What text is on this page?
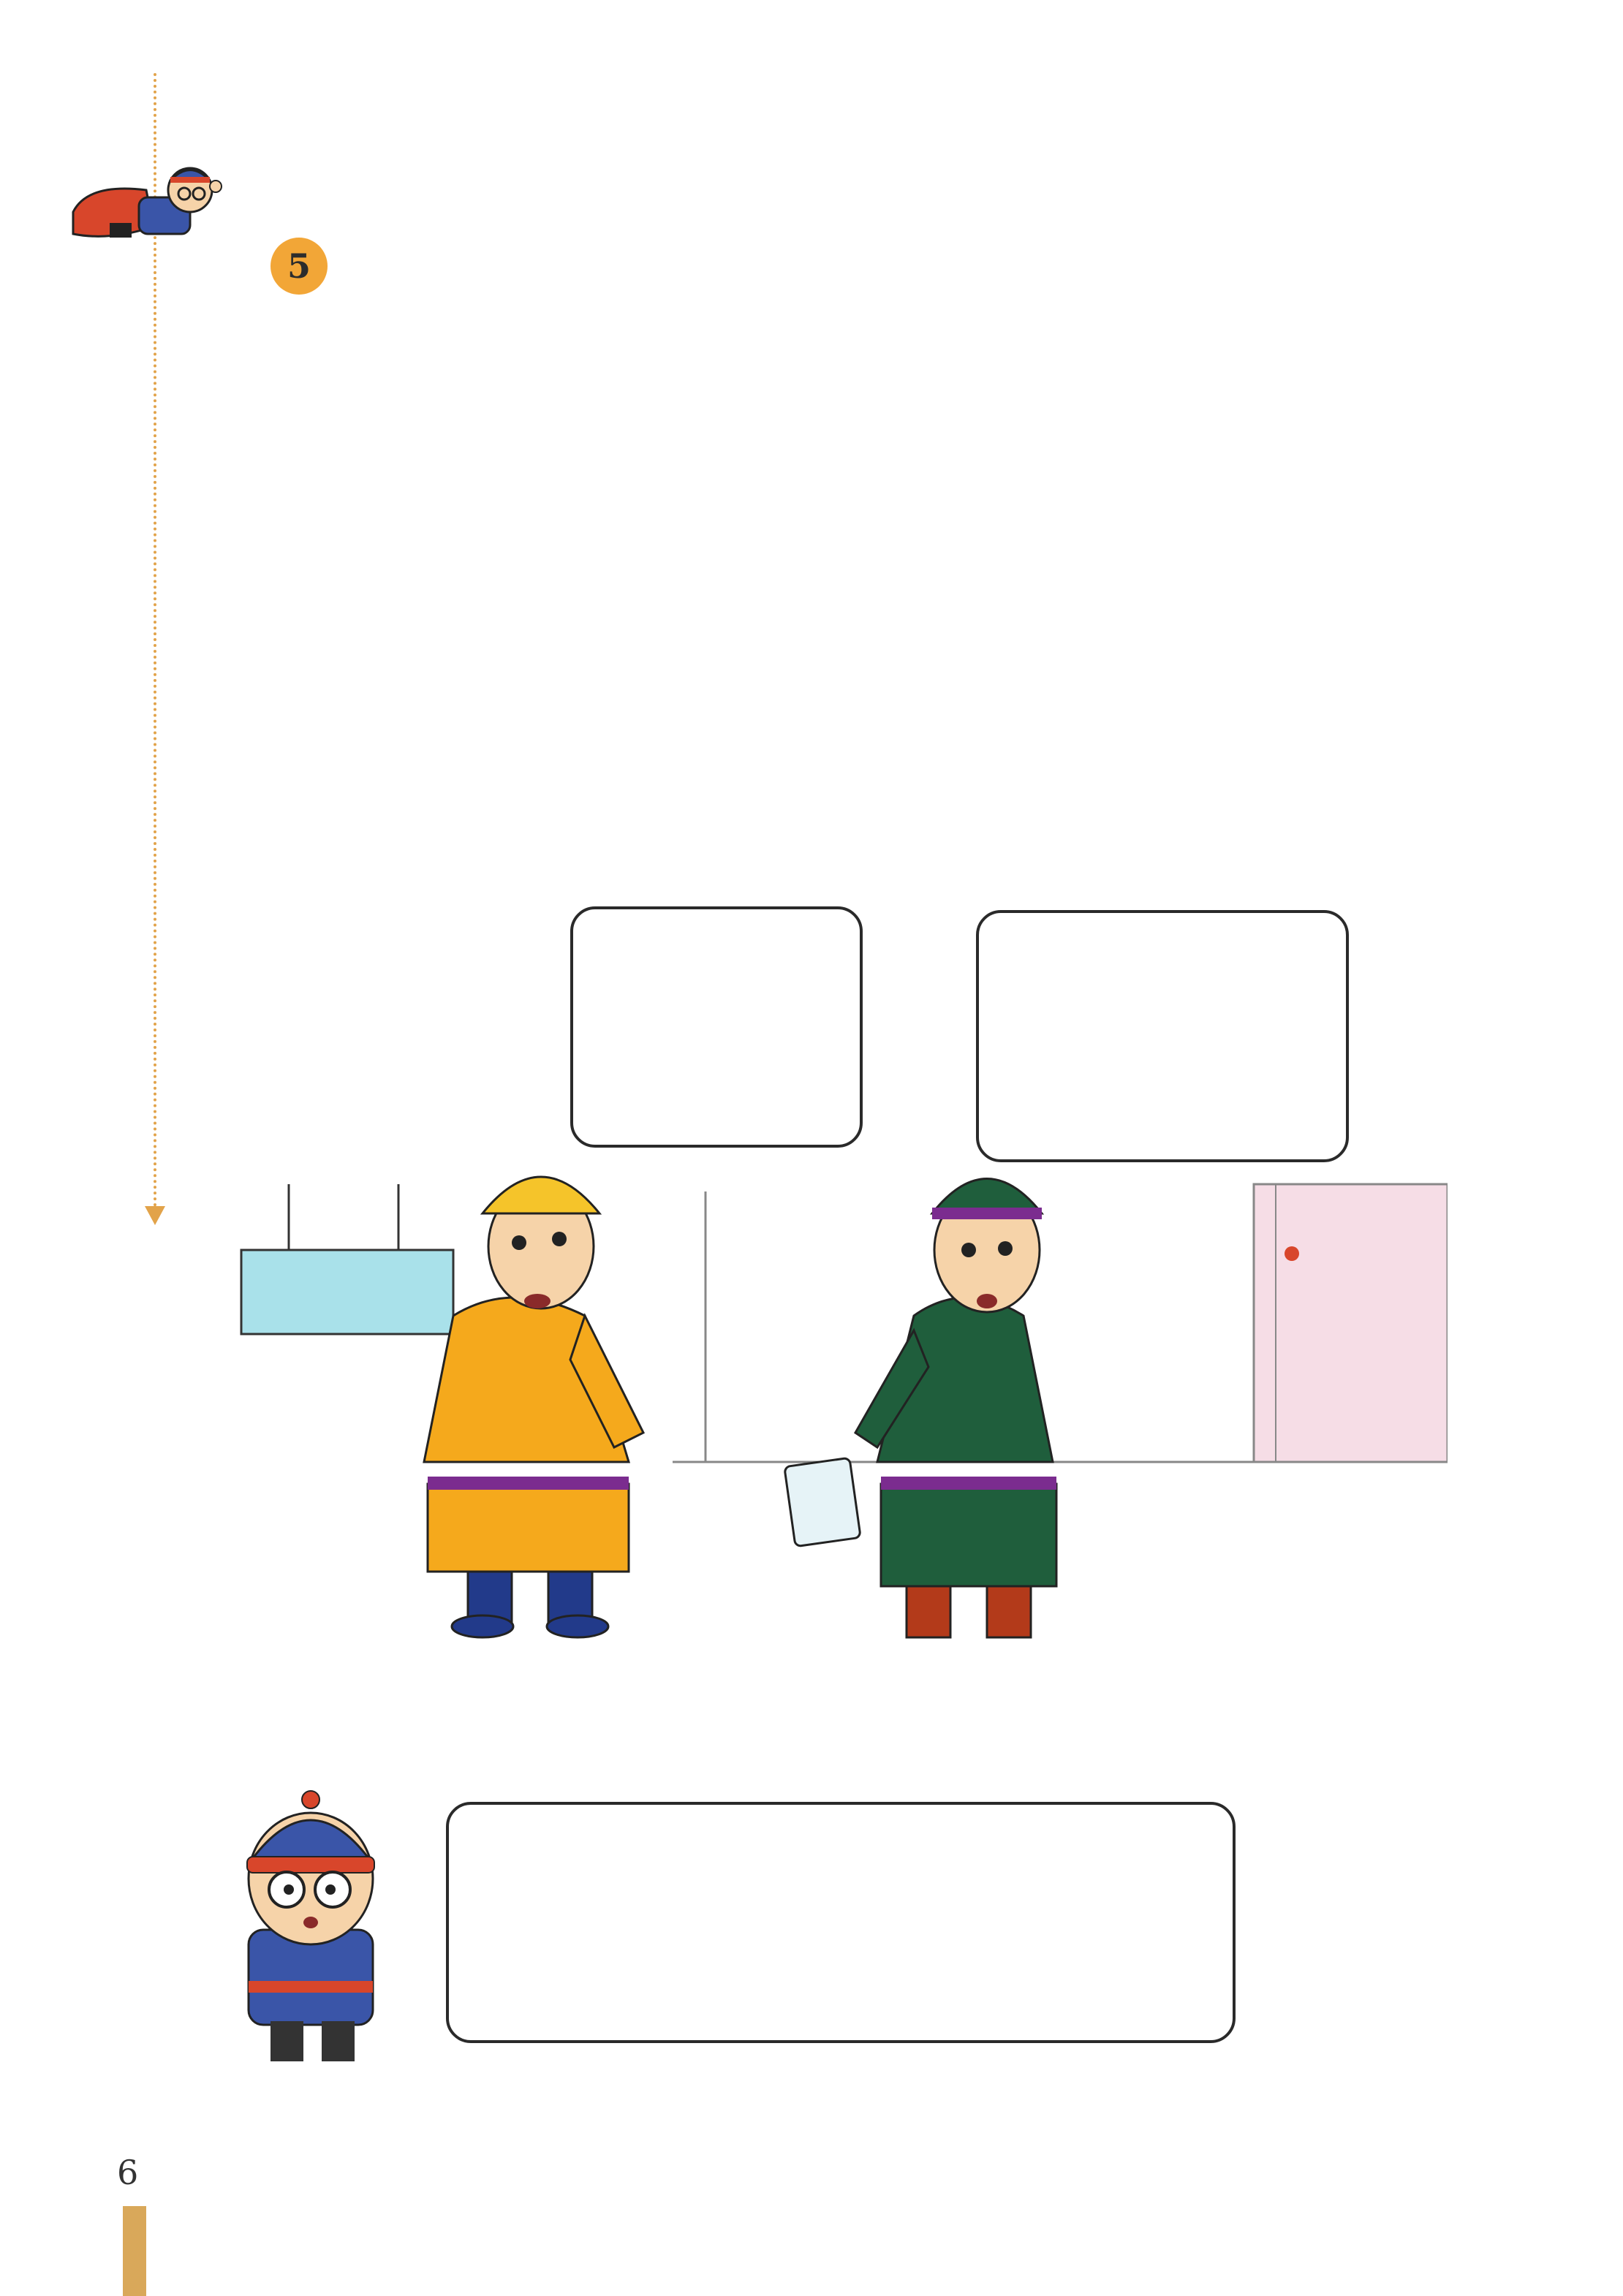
5
6
